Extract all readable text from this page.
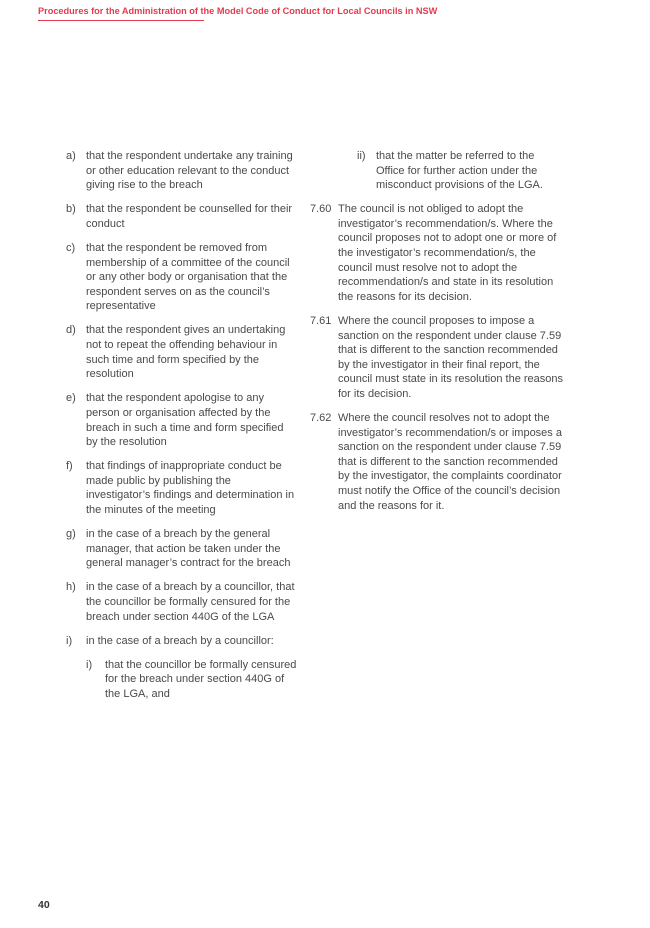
Procedures for the Administration of the Model Code of Conduct for Local Councils in NSW
a) that the respondent undertake any training or other education relevant to the conduct giving rise to the breach
b) that the respondent be counselled for their conduct
c) that the respondent be removed from membership of a committee of the council or any other body or organisation that the respondent serves on as the council’s representative
d) that the respondent gives an undertaking not to repeat the offending behaviour in such time and form specified by the resolution
e) that the respondent apologise to any person or organisation affected by the breach in such a time and form specified by the resolution
f)	that findings of inappropriate conduct be made public by publishing the investigator’s findings and determination in the minutes of the meeting
g) in the case of a breach by the general manager, that action be taken under the general manager’s contract for the breach
h) in the case of a breach by a councillor, that the councillor be formally censured for the breach under section 440G of the LGA
i)	in the case of a breach by a councillor:
i)	that the councillor be formally censured for the breach under section 440G of the LGA, and
ii) that the matter be referred to the Office for further action under the misconduct provisions of the LGA.
7.60 The council is not obliged to adopt the investigator’s recommendation/s. Where the council proposes not to adopt one or more of the investigator’s recommendation/s, the council must resolve not to adopt the recommendation/s and state in its resolution the reasons for its decision.
7.61 Where the council proposes to impose a sanction on the respondent under clause 7.59 that is different to the sanction recommended by the investigator in their final report, the council must state in its resolution the reasons for its decision.
7.62 Where the council resolves not to adopt the investigator’s recommendation/s or imposes a sanction on the respondent under clause 7.59 that is different to the sanction recommended by the investigator, the complaints coordinator must notify the Office of the council’s decision and the reasons for it.
40
